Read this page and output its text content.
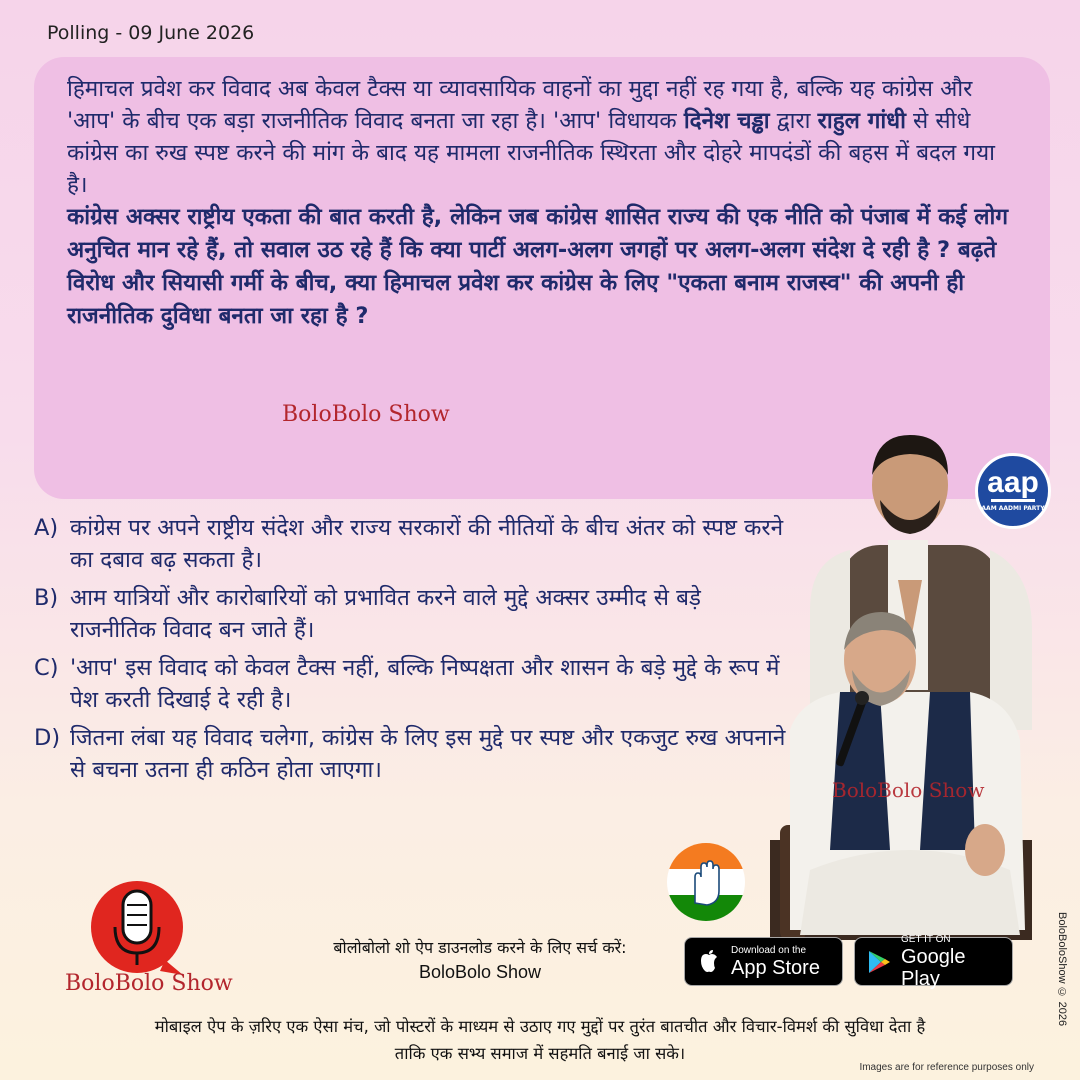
Polling - 09 June 2026

हिमाचल प्रवेश कर विवाद अब केवल टैक्स या व्यावसायिक वाहनों का मुद्दा नहीं रह गया है, बल्कि यह कांग्रेस और 'आप' के बीच एक बड़ा राजनीतिक विवाद बनता जा रहा है। 'आप' विधायक दिनेश चड्ढा द्वारा राहुल गांधी से सीधे कांग्रेस का रुख स्पष्ट करने की मांग के बाद यह मामला राजनीतिक स्थिरता और दोहरे मापदंडों की बहस में बदल गया है।

कांग्रेस अक्सर राष्ट्रीय एकता की बात करती है, लेकिन जब कांग्रेस शासित राज्य की एक नीति को पंजाब में कई लोग अनुचित मान रहे हैं, तो सवाल उठ रहे हैं कि क्या पार्टी अलग-अलग जगहों पर अलग-अलग संदेश दे रही है ? बढ़ते विरोध और सियासी गर्मी के बीच, क्या हिमाचल प्रवेश कर कांग्रेस के लिए "एकता बनाम राजस्व" की अपनी ही राजनीतिक दुविधा बनता जा रहा है ?

BoloBolo Show
A) कांग्रेस पर अपने राष्ट्रीय संदेश और राज्य सरकारों की नीतियों के बीच अंतर को स्पष्ट करने का दबाव बढ़ सकता है।
B) आम यात्रियों और कारोबारियों को प्रभावित करने वाले मुद्दे अक्सर उम्मीद से बड़े राजनीतिक विवाद बन जाते हैं।
C) 'आप' इस विवाद को केवल टैक्स नहीं, बल्कि निष्पक्षता और शासन के बड़े मुद्दे के रूप में पेश करती दिखाई दे रही है।
D) जितना लंबा यह विवाद चलेगा, कांग्रेस के लिए इस मुद्दे पर स्पष्ट और एकजुट रुख अपनाने से बचना उतना ही कठिन होता जाएगा।
BoloBolo Show
aap
AAM AADMI PARTY
BoloBolo Show
बोलोबोलो शो ऐप डाउनलोड करने के लिए सर्च करें:
BoloBolo Show
Download on the
App Store
GET IT ON
Google Play
मोबाइल ऐप के ज़रिए एक ऐसा मंच, जो पोस्टरों के माध्यम से उठाए गए मुद्दों पर तुरंत बातचीत और विचार-विमर्श की सुविधा देता है
ताकि एक सभ्य समाज में सहमति बनाई जा सके।
Images are for reference purposes only
BoloBoloShow © 2026
